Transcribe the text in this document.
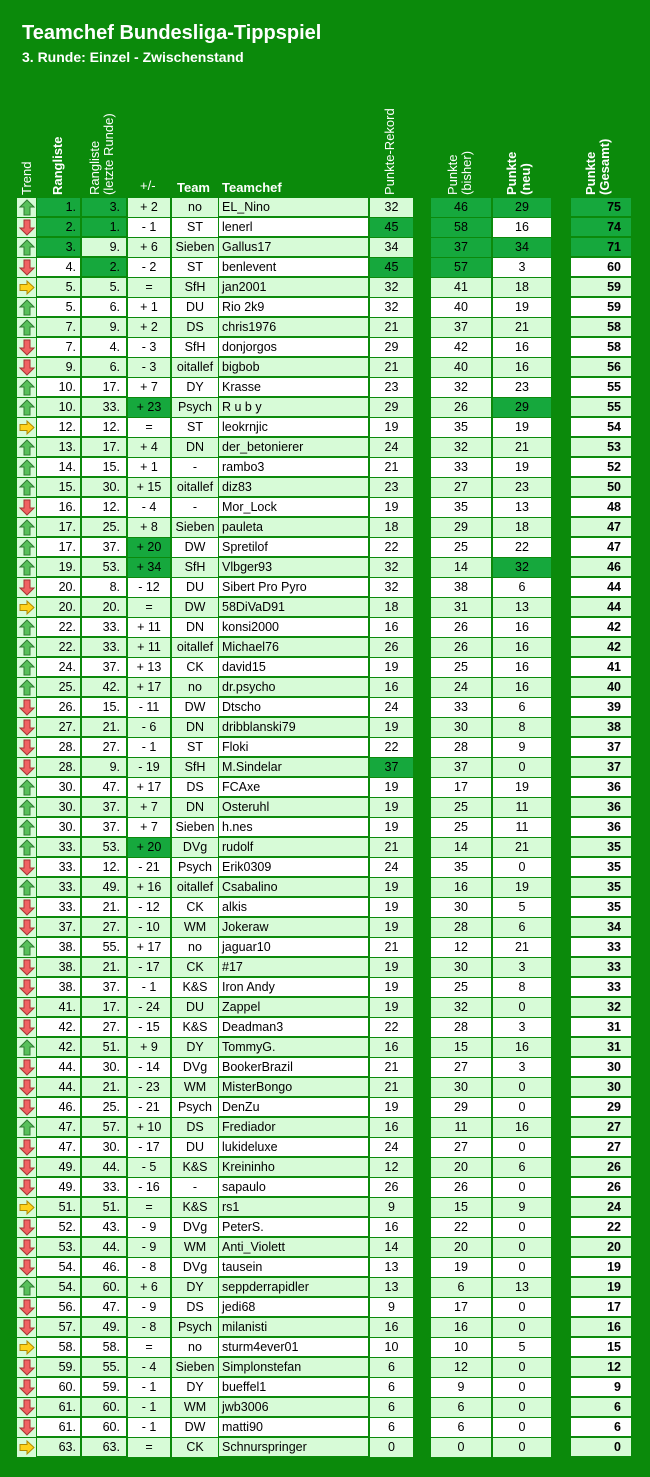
Teamchef Bundesliga-Tippspiel
3. Runde: Einzel - Zwischenstand
Trend Rangliste Rangliste (letzte Runde) +/- Team Teamchef	Punkte-Rekord	Punkte (bisher) Punkte (neu)	Punkte (Gesamt)
1.	3.	+ 2	no	EL_Nino	32	46	29	75
2.	1.	- 1	ST	lenerl	45	58	16	74
3.	9.	+ 6	Sieben Gallus17	34	37	34	71
4.	2.	- 2	ST	benlevent	45	57	3	60
5.	5.	=	SfH	jan2001	32	41	18	59
5.	6.	+ 1	DU	Rio 2k9	32	40	19	59
7.	9.	+ 2	DS	chris1976	21	37	21	58
7.	4.	- 3	SfH	donjorgos	29	42	16	58
9.	6.	- 3	oitallef bigbob	21	40	16	56
10.	17.	+ 7	DY	Krasse	23	32	23	55
10.	33.	+ 23	Psych R u b y	29	26	29	55
12.	12.	=	ST	leokrnjic	19	35	19	54
13.	17.	+ 4	DN	der_betonierer	24	32	21	53
14.	15.	+ 1	-	rambo3	21	33	19	52
15.	30.	+ 15	oitallef diz83	23	27	23	50
16.	12.	- 4	-	Mor_Lock	19	35	13	48
17.	25.	+ 8	Sieben pauleta	18	29	18	47
17.	37.	+ 20	DW	Spretilof	22	25	22	47
19.	53.	+ 34	SfH	Vlbger93	32	14	32	46
20.	8.	- 12	DU	Sibert Pro Pyro	32	38	6	44
20.	20.	=	DW	58DiVaD91	18	31	13	44
22.	33.	+ 11	DN	konsi2000	16	26	16	42
22.	33.	+ 11	oitallef Michael76	26	26	16	42
24.	37.	+ 13	CK	david15	19	25	16	41
25.	42.	+ 17	no	dr.psycho	16	24	16	40
26.	15.	- 11	DW	Dtscho	24	33	6	39
27.	21.	- 6	DN	dribblanski79	19	30	8	38
28.	27.	- 1	ST	Floki	22	28	9	37
28.	9.	- 19	SfH	M.Sindelar	37	37	0	37
30.	47.	+ 17	DS	FCAxe	19	17	19	36
30.	37.	+ 7	DN	Osteruhl	19	25	11	36
30.	37.	+ 7	Sieben h.nes	19	25	11	36
33.	53.	+ 20	DVg	rudolf	21	14	21	35
33.	12.	- 21	Psych Erik0309	24	35	0	35
33.	49.	+ 16	oitallef Csabalino	19	16	19	35
33.	21.	- 12	CK	alkis	19	30	5	35
37.	27.	- 10	WM	Jokeraw	19	28	6	34
38.	55.	+ 17	no	jaguar10	21	12	21	33
38.	21.	- 17	CK	#17	19	30	3	33
38.	37.	- 1	K&S	Iron Andy	19	25	8	33
41.	17.	- 24	DU	Zappel	19	32	0	32
42.	27.	- 15	K&S	Deadman3	22	28	3	31
42.	51.	+ 9	DY	TommyG.	16	15	16	31
44.	30.	- 14	DVg	BookerBrazil	21	27	3	30
44.	21.	- 23	WM	MisterBongo	21	30	0	30
46.	25.	- 21	Psych DenZu	19	29	0	29
47.	57.	+ 10	DS	Frediador	16	11	16	27
47.	30.	- 17	DU	lukideluxe	24	27	0	27
49.	44.	- 5	K&S	Kreininho	12	20	6	26
49.	33.	- 16	-	sapaulo	26	26	0	26
51.	51.	=	K&S	rs1	9	15	9	24
52.	43.	- 9	DVg	PeterS.	16	22	0	22
53.	44.	- 9	WM	Anti_Violett	14	20	0	20
54.	46.	- 8	DVg	tausein	13	19	0	19
54.	60.	+ 6	DY	seppderrapidler	13	6	13	19
56.	47.	- 9	DS	jedi68	9	17	0	17
57.	49.	- 8	Psych milanisti	16	16	0	16
58.	58.	=	no	sturm4ever01	10	10	5	15
59.	55.	- 4	Sieben Simplonstefan	6	12	0	12
60.	59.	- 1	DY	bueffel1	6	9	0	9
61.	60.	- 1	WM	jwb3006	6	6	0	6
61.	60.	- 1	DW	matti90	6	6	0	6
63.	63.	=	CK	Schnurspringer	0	0	0	0
